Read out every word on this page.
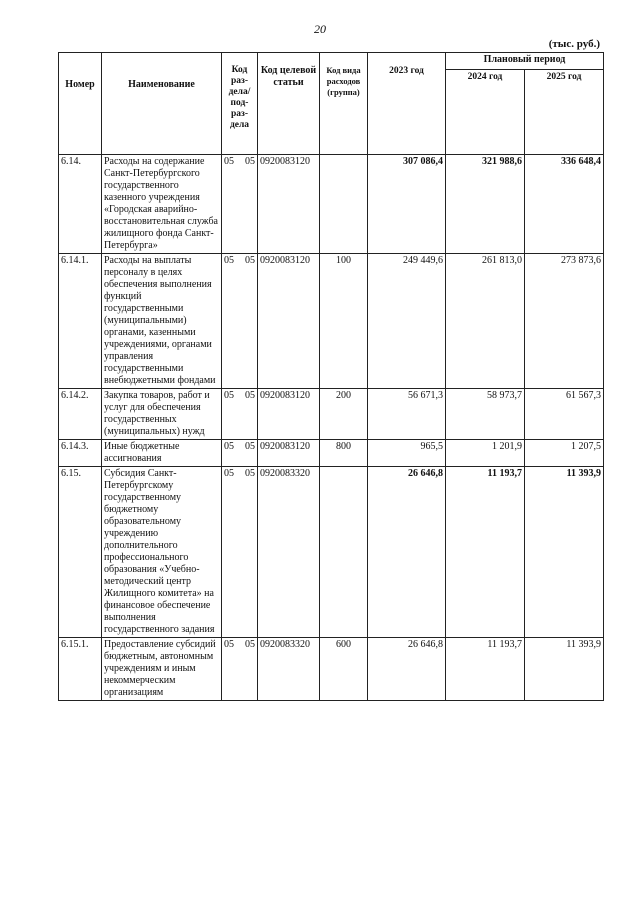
20
(тыс. руб.)
Номер	Наименование	Код раз-дела/ под-раз-дела	Код целевой статьи	Код вида расходов (группа)	2023 год	Плановый период	
						2024 год	2025 год
6.14.	Расходы на содержание Санкт-Петербургского государственного казенного учреждения «Городская аварийно-восстановительная служба жилищного фонда Санкт-Петербурга»	05 05	0920083120		307 086,4	321 988,6	336 648,4
6.14.1.	Расходы на выплаты персоналу в целях обеспечения выполнения функций государственными (муниципальными) органами, казенными учреждениями, органами управления государственными внебюджетными фондами	05 05	0920083120	100	249 449,6	261 813,0	273 873,6
6.14.2.	Закупка товаров, работ и услуг для обеспечения государственных (муниципальных) нужд	05 05	0920083120	200	56 671,3	58 973,7	61 567,3
6.14.3.	Иные бюджетные ассигнования	05 05	0920083120	800	965,5	1 201,9	1 207,5
6.15.	Субсидия Санкт-Петербургскому государственному бюджетному образовательному учреждению дополнительного профессионального образования «Учебно-методический центр Жилищного комитета» на финансовое обеспечение выполнения государственного задания	05 05	0920083320		26 646,8	11 193,7	11 393,9
6.15.1.	Предоставление субсидий бюджетным, автономным учреждениям и иным некоммерческим организациям	05 05	0920083320	600	26 646,8	11 193,7	11 393,9
